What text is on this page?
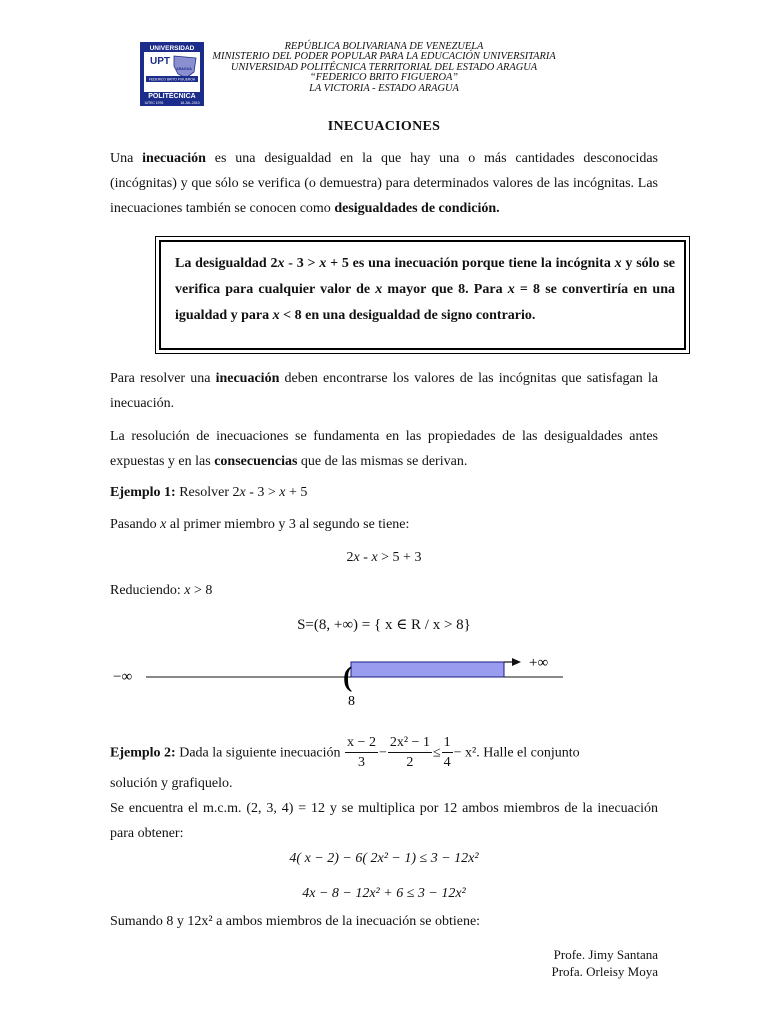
UNIVERSIDAD
UPT
ARAGUA
FEDERICO BRITO FIGUEROA
POLITÉCNICA
IUTEC 1976	16.JUL.2010
REPÚBLICA BOLIVARIANA DE VENEZUELA
MINISTERIO DEL PODER POPULAR PARA LA EDUCACIÓN UNIVERSITARIA
UNIVERSIDAD POLITÉCNICA TERRITORIAL DEL ESTADO ARAGUA
“FEDERICO BRITO FIGUEROA”
LA VICTORIA - ESTADO ARAGUA
INECUACIONES
Una inecuación es una desigualdad en la que hay una o más cantidades desconocidas (incógnitas) y que sólo se verifica (o demuestra) para determinados valores de las incógnitas. Las inecuaciones también se conocen como desigualdades de condición.
La desigualdad 2x - 3 > x + 5 es una inecuación porque tiene la incógnita x y sólo se verifica para cualquier valor de x mayor que 8. Para x = 8 se convertiría en una igualdad y para x < 8 en una desigualdad de signo contrario.
Para resolver una inecuación deben encontrarse los valores de las incógnitas que satisfagan la inecuación.
La resolución de inecuaciones se fundamenta en las propiedades de las desigualdades antes expuestas y en las consecuencias que de las mismas se derivan.
Ejemplo 1: Resolver 2x - 3 > x + 5
Pasando x al primer miembro y 3 al segundo se tiene:
2x - x > 5 + 3
Reduciendo: x > 8
S=(8, +∞) = { x ∈ R / x > 8}
−∞
+∞
(
8
Ejemplo 2: Dada la siguiente inecuación $\frac{x - 2}{3} - \frac{\text{2x² − 1}}{2} \le \frac{1}{4} - x^2$. Halle el conjunto
solución y grafiquelo.
Se encuentra el m.c.m. (2, 3, 4) = 12 y se multiplica por 12 ambos miembros de la inecuación para obtener:
4( x − 2) − 6( 2x² − 1) ≤ 3 − 12x²
4x − 8 − 12x² + 6 ≤ 3 − 12x²
Sumando 8 y 12x² a ambos miembros de la inecuación se obtiene:
Profe. Jimy Santana
Profa. Orleisy Moya
